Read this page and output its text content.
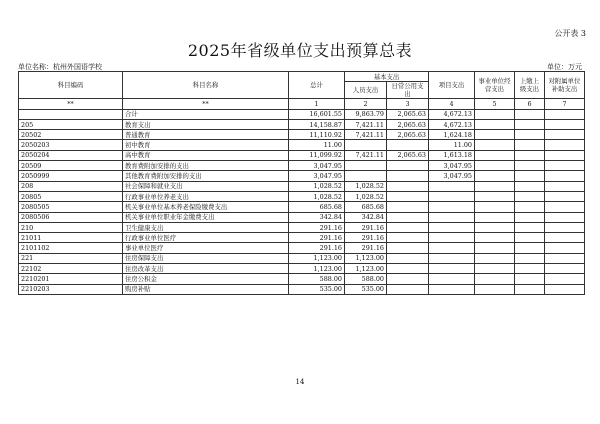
公开表 3
2025年省级单位支出预算总表
单位名称：杭州外国语学校	单位：万元
科目编码	科目名称	总计	基本支出		项目支出	事业单位经营支出	上缴上级支出	对附属单位补助支出
			人员支出	日常公用支出				
**	**	1	2	3	4	5	6	7
	合计	16,601.55	9,863.79	2,065.63	4,672.13			
205	教育支出	14,158.87	7,421.11	2,065.63	4,672.13			
20502	普通教育	11,110.92	7,421.11	2,065.63	1,624.18			
2050203	初中教育	11.00			11.00			
2050204	高中教育	11,099.92	7,421.11	2,065.63	1,613.18			
20509	教育费附加安排的支出	3,047.95			3,047.95			
2050999	其他教育费附加安排的支出	3,047.95			3,047.95			
208	社会保障和就业支出	1,028.52	1,028.52					
20805	行政事业单位养老支出	1,028.52	1,028.52					
2080505	机关事业单位基本养老保险缴费支出	685.68	685.68					
2080506	机关事业单位职业年金缴费支出	342.84	342.84					
210	卫生健康支出	291.16	291.16					
21011	行政事业单位医疗	291.16	291.16					
2101102	事业单位医疗	291.16	291.16					
221	住房保障支出	1,123.00	1,123.00					
22102	住房改革支出	1,123.00	1,123.00					
2210201	住房公积金	588.00	588.00					
2210203	购房补贴	535.00	535.00					
14
